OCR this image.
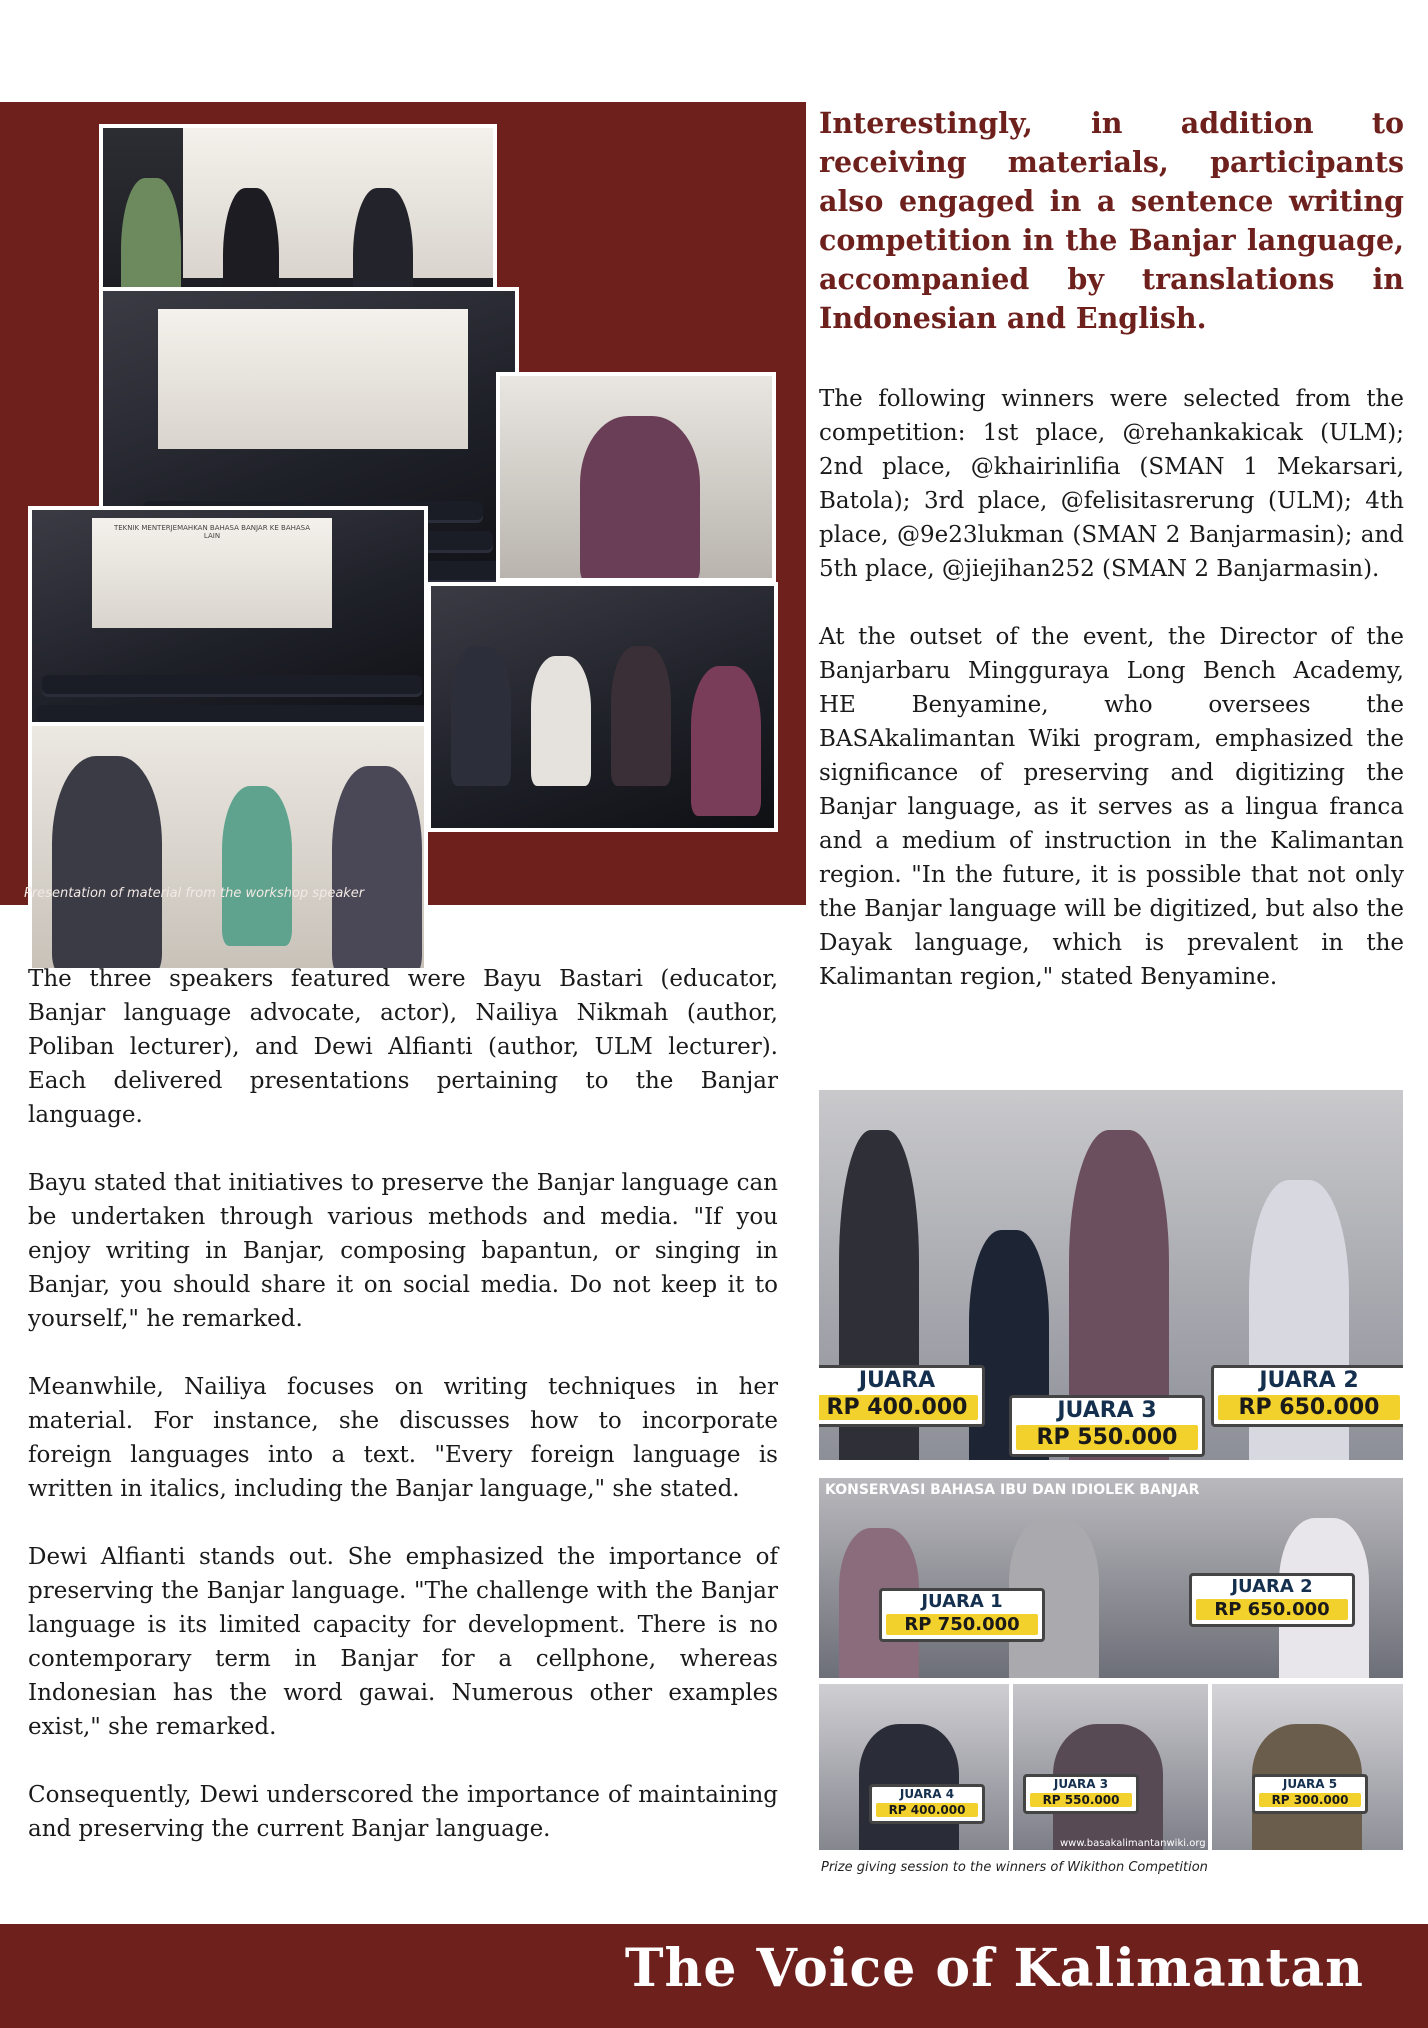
TEKNIK MENTERJEMAHKAN BAHASA BANJAR KE BAHASA LAIN
Presentation of material from the workshop speaker
Interestingly, in addition to receiving materials, participants also engaged in a sentence writing competition in the Banjar language, accompanied by translations in Indonesian and English.

The following winners were selected from the competition: 1st place, @rehankakicak (ULM); 2nd place, @khairinlifia (SMAN 1 Mekarsari, Batola); 3rd place, @felisitasrerung (ULM); 4th place, @9e23lukman (SMAN 2 Banjarmasin); and 5th place, @jiejihan252 (SMAN 2 Banjarmasin).

At the outset of the event, the Director of the Banjarbaru Mingguraya Long Bench Academy, HE Benyamine, who oversees the BASAkalimantan Wiki program, emphasized the significance of preserving and digitizing the Banjar language, as it serves as a lingua franca and a medium of instruction in the Kalimantan region. "In the future, it is possible that not only the Banjar language will be digitized, but also the Dayak language, which is prevalent in the Kalimantan region," stated Benyamine.

The three speakers featured were Bayu Bastari (educator, Banjar language advocate, actor), Nailiya Nikmah (author, Poliban lecturer), and Dewi Alfianti (author, ULM lecturer). Each delivered presentations pertaining to the Banjar language.

Bayu stated that initiatives to preserve the Banjar language can be undertaken through various methods and media. "If you enjoy writing in Banjar, composing bapantun, or singing in Banjar, you should share it on social media. Do not keep it to yourself," he remarked.

Meanwhile, Nailiya focuses on writing techniques in her material. For instance, she discusses how to incorporate foreign languages into a text. "Every foreign language is written in italics, including the Banjar language," she stated.

Dewi Alfianti stands out. She emphasized the importance of preserving the Banjar language. "The challenge with the Banjar language is its limited capacity for development. There is no contemporary term in Banjar for a cellphone, whereas Indonesian has the word gawai. Numerous other examples exist," she remarked.

Consequently, Dewi underscored the importance of maintaining and preserving the current Banjar language.

JUARA
RP 400.000	JUARA 3
RP 550.000
JUARA 2
RP 650.000
KONSERVASI BAHASA IBU DAN IDIOLEK BANJAR
JUARA 1
RP 750.000
JUARA 2
RP 650.000
JUARA 3
RP 550.000
JUARA 5
RP 300.000
JUARA 4
RP 400.000
www.basakalimantanwiki.org
Prize giving session to the winners of Wikithon Competition
The Voice of Kalimantan
